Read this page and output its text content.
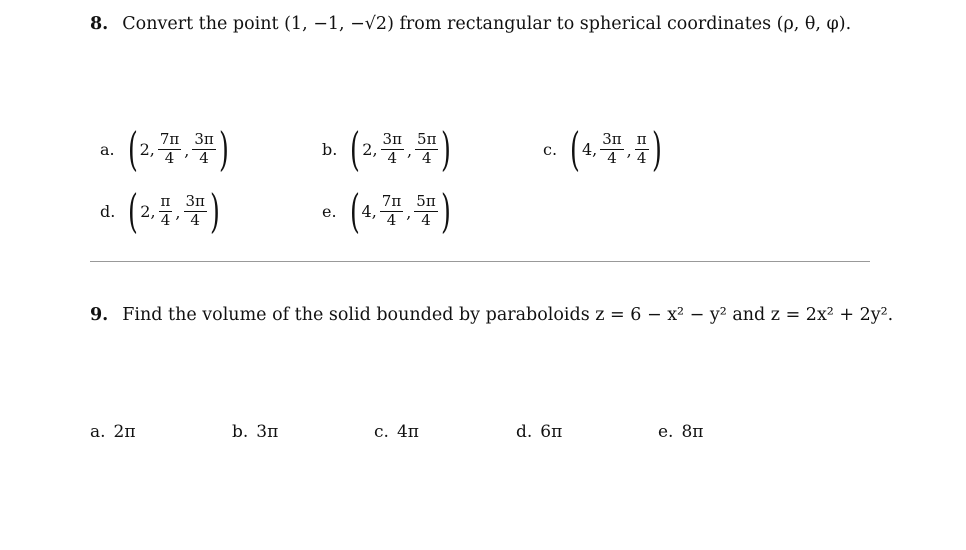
8. Convert the point (1, −1, −√2) from rectangular to spherical coordinates (ρ, θ, φ).
a. ( 2, $\frac{7\pi}{4}$ , $\frac{3\pi}{4}$ )	b. ( 2, $\frac{3\pi}{4}$ , $\frac{5\pi}{4}$ )	c. ( 4, $\frac{3\pi}{4}$ , $\frac{\pi}{4}$ )
d. ( 2, $\frac{\pi}{4}$ , $\frac{3\pi}{4}$ )	e. ( 4, $\frac{7\pi}{4}$ , $\frac{5\pi}{4}$ )
9. Find the volume of the solid bounded by paraboloids z = 6 − x² − y² and z = 2x² + 2y².
a. 2π	b. 3π	c. 4π	d. 6π	e. 8π
